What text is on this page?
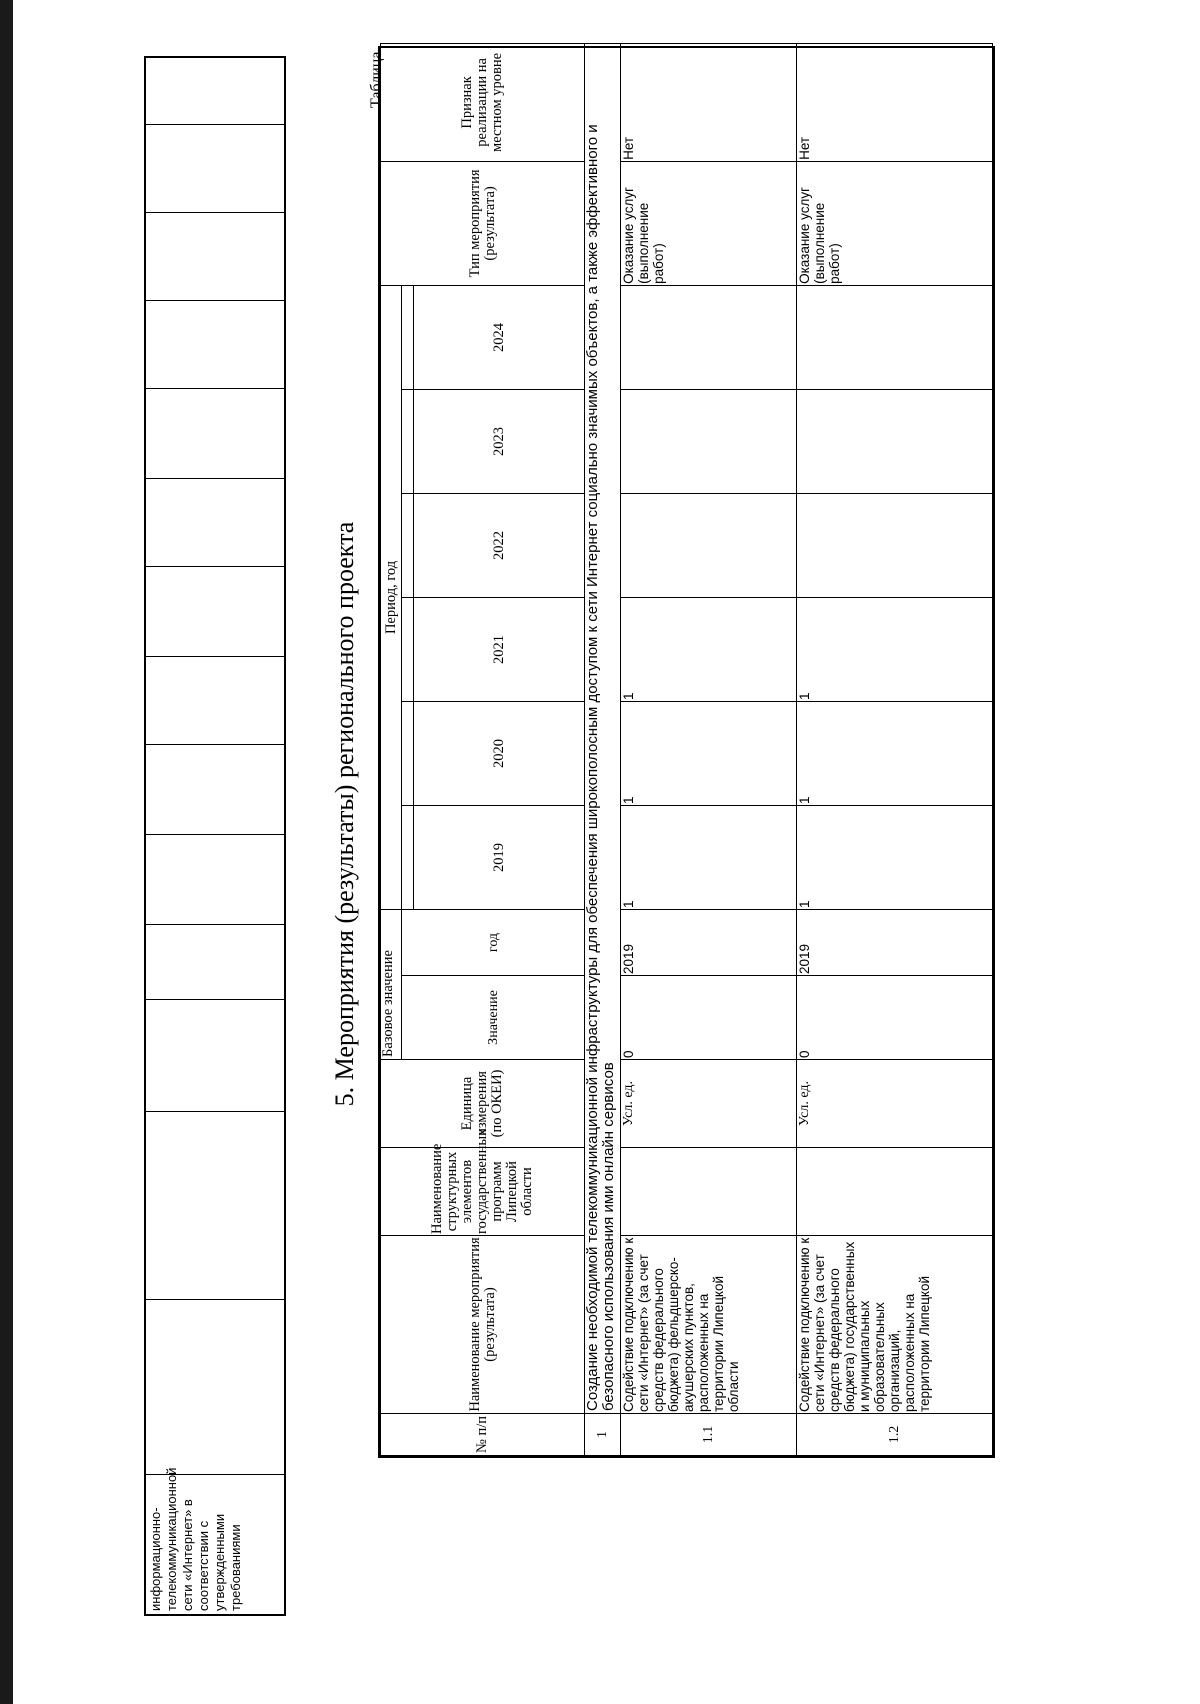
информационно- телекоммуникационной сети «Интернет» в соответствии с утвержденными требованиями
5. Мероприятия (результаты) регионального проекта
Таблица
№ п/п	Наименование мероприятия (результата)	Наименование структурных элементов государственных программ Липецкой области	Единица измерения (по ОКЕИ)	Базовое значение		Период, год						Тип мероприятия (результата)	Признак реализации на местном уровне
				Значение	год								
						2019	2020	2021	2022	2023	2024		
1	Создание необходимой телекоммуникационной инфраструктуры для обеспечения широкополосным доступом к сети Интернет социально значимых объектов, а также эффективного и безопасного использования ими онлайн сервисов												
1.1	Содействие подключению к сети «Интернет» (за счет средств федерального бюджета) фельдшерско-акушерских пунктов, расположенных на территории Липецкой области		Усл. ед.	0	2019	1	1	1				Оказание услуг (выполнение работ)	Нет
1.2	Содействие подключению к сети «Интернет» (за счет средств федерального бюджета) государственных и муниципальных образовательных организаций, расположенных на территории Липецкой		Усл. ед.	0	2019	1	1	1				Оказание услуг (выполнение работ)	Нет
